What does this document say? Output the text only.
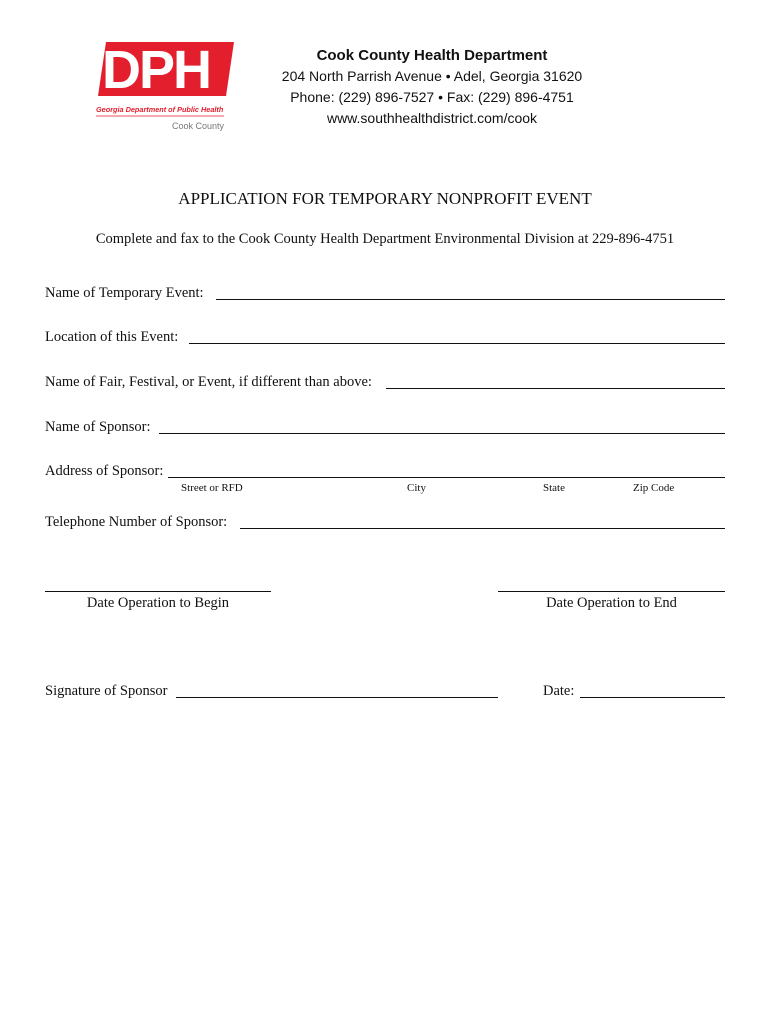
DPH
Georgia Department of Public Health
Cook County
Cook County Health Department
204 North Parrish Avenue • Adel, Georgia 31620
Phone: (229) 896-7527 • Fax: (229) 896-4751
www.southhealthdistrict.com/cook
APPLICATION FOR TEMPORARY NONPROFIT EVENT
Complete and fax to the Cook County Health Department Environmental Division at 229-896-4751
Name of Temporary Event:
Location of this Event:
Name of Fair, Festival, or Event, if different than above:
Name of Sponsor:
Address of Sponsor:
Street or RFD	City	State	Zip Code
Telephone Number of Sponsor:
Date Operation to Begin	Date Operation to End
Signature of Sponsor	Date:
